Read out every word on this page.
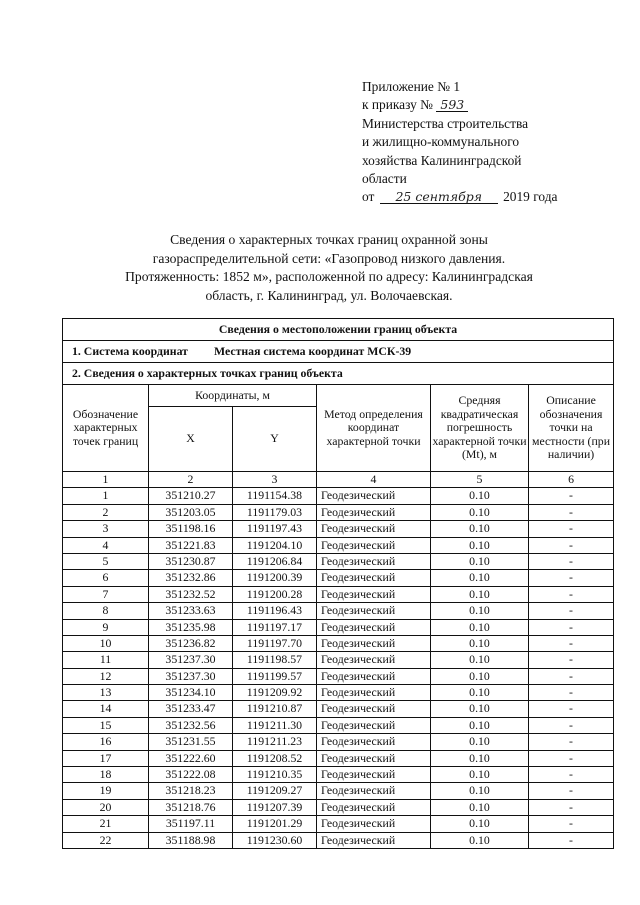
Приложение № 1
к приказу № 593
Министерства строительства
и жилищно-коммунального
хозяйства Калининградской
области
от 25 сентября 2019 года
Сведения о характерных точках границ охранной зоны
газораспределительной сети: «Газопровод низкого давления.
Протяженность: 1852 м», расположенной по адресу: Калининградская
область, г. Калининград, ул. Волочаевская.
Сведения о местоположении границ объекта					
1. Система координат Местная система координат МСК-39					
2. Сведения о характерных точках границ объекта					
Обозначение характерных точек границ	Координаты, м		Метод определения координат характерной точки	Средняя квадратическая погрешность характерной точки (Mt), м	Описание обозначения точки на местности (при наличии)
	X	Y			
1	2	3	4	5	6
1	351210.27	1191154.38	Геодезический	0.10	-
2	351203.05	1191179.03	Геодезический	0.10	-
3	351198.16	1191197.43	Геодезический	0.10	-
4	351221.83	1191204.10	Геодезический	0.10	-
5	351230.87	1191206.84	Геодезический	0.10	-
6	351232.86	1191200.39	Геодезический	0.10	-
7	351232.52	1191200.28	Геодезический	0.10	-
8	351233.63	1191196.43	Геодезический	0.10	-
9	351235.98	1191197.17	Геодезический	0.10	-
10	351236.82	1191197.70	Геодезический	0.10	-
11	351237.30	1191198.57	Геодезический	0.10	-
12	351237.30	1191199.57	Геодезический	0.10	-
13	351234.10	1191209.92	Геодезический	0.10	-
14	351233.47	1191210.87	Геодезический	0.10	-
15	351232.56	1191211.30	Геодезический	0.10	-
16	351231.55	1191211.23	Геодезический	0.10	-
17	351222.60	1191208.52	Геодезический	0.10	-
18	351222.08	1191210.35	Геодезический	0.10	-
19	351218.23	1191209.27	Геодезический	0.10	-
20	351218.76	1191207.39	Геодезический	0.10	-
21	351197.11	1191201.29	Геодезический	0.10	-
22	351188.98	1191230.60	Геодезический	0.10	-
